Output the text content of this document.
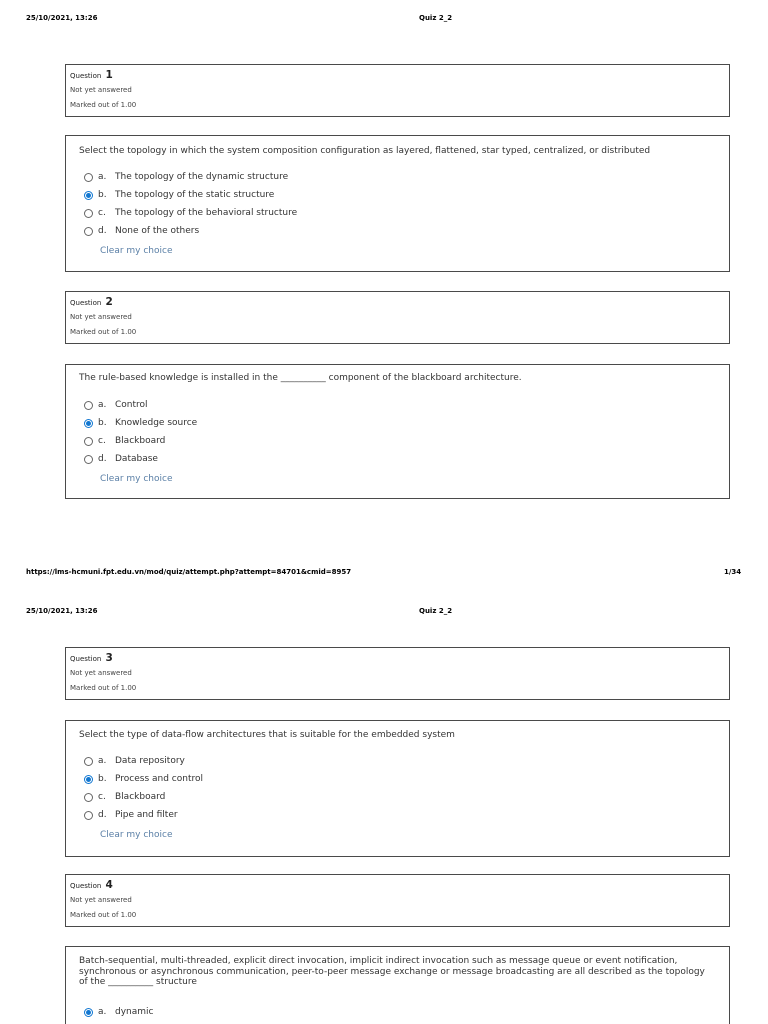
25/10/2021, 13:26	Quiz 2_2
Question 1
Not yet answered
Marked out of 1.00
Select the topology in which the system composition configuration as layered, flattened, star typed, centralized, or distributed
a. The topology of the dynamic structure
b. The topology of the static structure
c.	The topology of the behavioral structure
d. None of the others
Clear my choice
Question 2
Not yet answered
Marked out of 1.00
The rule-based knowledge is installed in the __________ component of the blackboard architecture.
a. Control
b. Knowledge source
c.	Blackboard
d. Database
Clear my choice
https://lms-hcmuni.fpt.edu.vn/mod/quiz/attempt.php?attempt=84701&cmid=8957	1/34
25/10/2021, 13:26	Quiz 2_2
Question 3
Not yet answered
Marked out of 1.00
Select the type of data-flow architectures that is suitable for the embedded system
a. Data repository
b. Process and control
c.	Blackboard
d. Pipe and filter
Clear my choice
Question 4
Not yet answered
Marked out of 1.00
Batch-sequential, multi-threaded, explicit direct invocation, implicit indirect invocation such as message queue or event notification, synchronous or asynchronous communication, peer-to-peer message exchange or message broadcasting are all described as the topology of the __________ structure
a. dynamic
